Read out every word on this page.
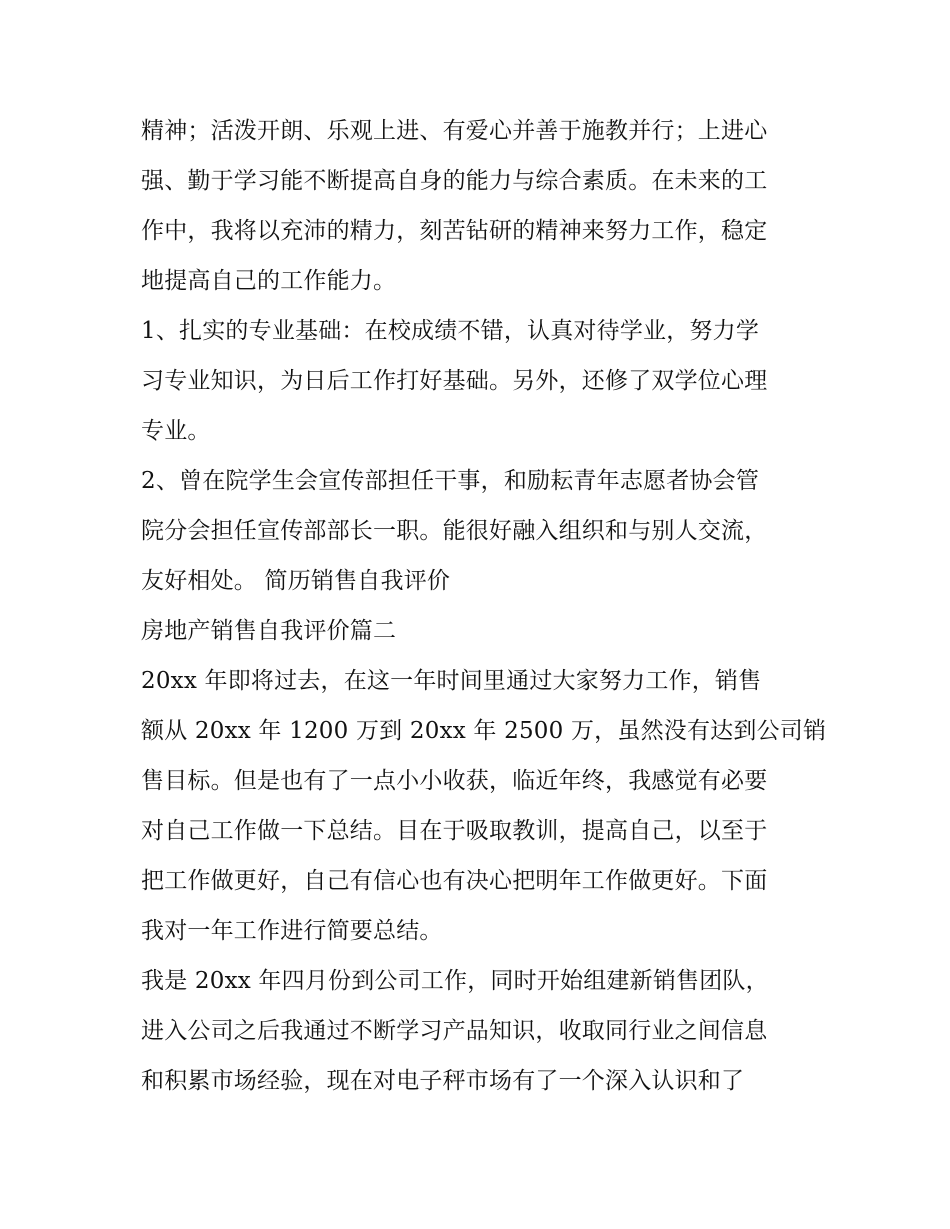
精神；活泼开朗、乐观上进、有爱心并善于施教并行；上进心
强、勤于学习能不断提高自身的能力与综合素质。在未来的工
作中，我将以充沛的精力，刻苦钻研的精神来努力工作，稳定
地提高自己的工作能力。
1、扎实的专业基础：在校成绩不错，认真对待学业，努力学
习专业知识，为日后工作打好基础。另外，还修了双学位心理
专业。
2、曾在院学生会宣传部担任干事，和励耘青年志愿者协会管
院分会担任宣传部部长一职。能很好融入组织和与别人交流，
友好相处。 简历销售自我评价
房地产销售自我评价篇二
20xx 年即将过去，在这一年时间里通过大家努力工作，销售
额从 20xx 年 1200 万到 20xx 年 2500 万，虽然没有达到公司销
售目标。但是也有了一点小小收获，临近年终，我感觉有必要
对自己工作做一下总结。目在于吸取教训，提高自己，以至于
把工作做更好，自己有信心也有决心把明年工作做更好。下面
我对一年工作进行简要总结。
我是 20xx 年四月份到公司工作，同时开始组建新销售团队，
进入公司之后我通过不断学习产品知识，收取同行业之间信息
和积累市场经验，现在对电子秤市场有了一个深入认识和了
